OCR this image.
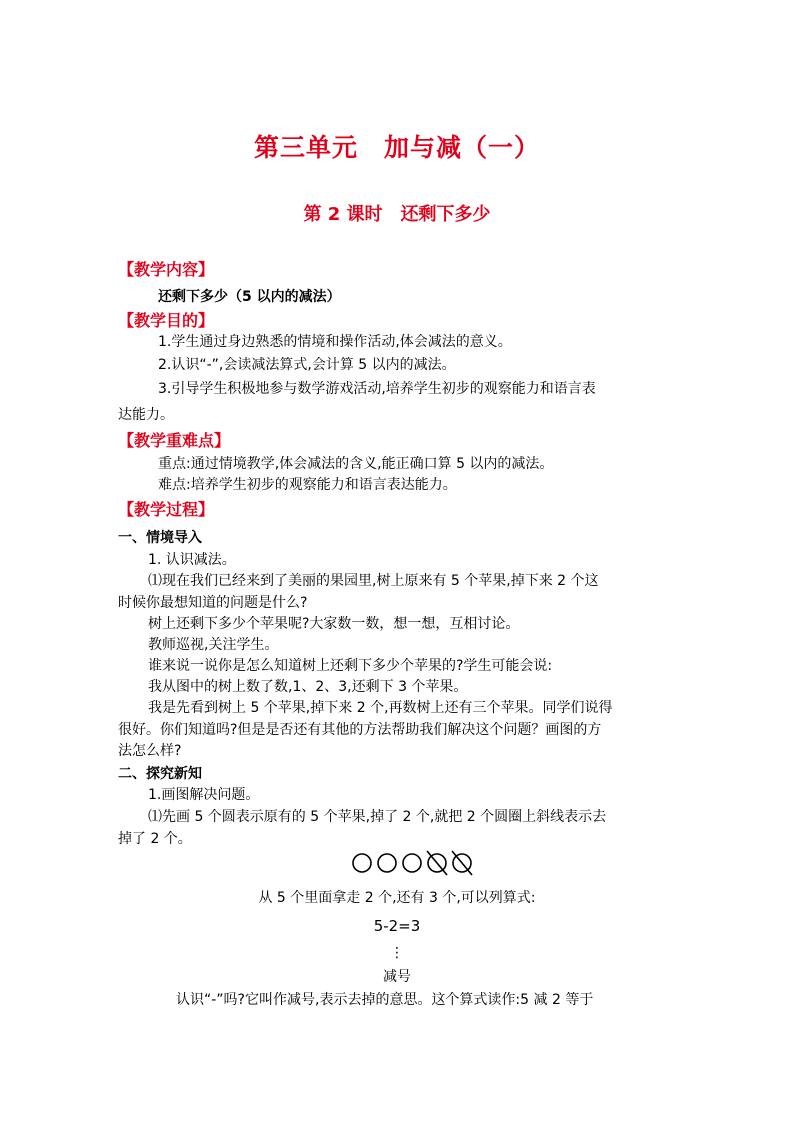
第三单元　加与减（一）
第 2 课时　还剩下多少
【教学内容】
还剩下多少（5 以内的减法）
【教学目的】
1.学生通过身边熟悉的情境和操作活动,体会减法的意义。
2.认识“-”,会读减法算式,会计算 5 以内的减法。
3.引导学生积极地参与数学游戏活动,培养学生初步的观察能力和语言表
达能力。
【教学重难点】
重点:通过情境教学,体会减法的含义,能正确口算 5 以内的减法。
难点:培养学生初步的观察能力和语言表达能力。
【教学过程】
一、情境导入
1. 认识减法。
⑴现在我们已经来到了美丽的果园里,树上原来有 5 个苹果,掉下来 2 个这
时候你最想知道的问题是什么?
树上还剩下多少个苹果呢?大家数一数，想一想，互相讨论。
教师巡视,关注学生。
谁来说一说你是怎么知道树上还剩下多少个苹果的?学生可能会说:
我从图中的树上数了数,1、2、3,还剩下 3 个苹果。
我是先看到树上 5 个苹果,掉下来 2 个,再数树上还有三个苹果。同学们说得
很好。你们知道吗?但是是否还有其他的方法帮助我们解决这个问题？画图的方
法怎么样?
二、探究新知
1.画图解决问题。
⑴先画 5 个圆表示原有的 5 个苹果,掉了 2 个,就把 2 个圆圈上斜线表示去
掉了 2 个。
从 5 个里面拿走 2 个,还有 3 个,可以列算式:
5-2=3
⋮
减号
认识“-”吗?它叫作减号,表示去掉的意思。这个算式读作:5 减 2 等于
